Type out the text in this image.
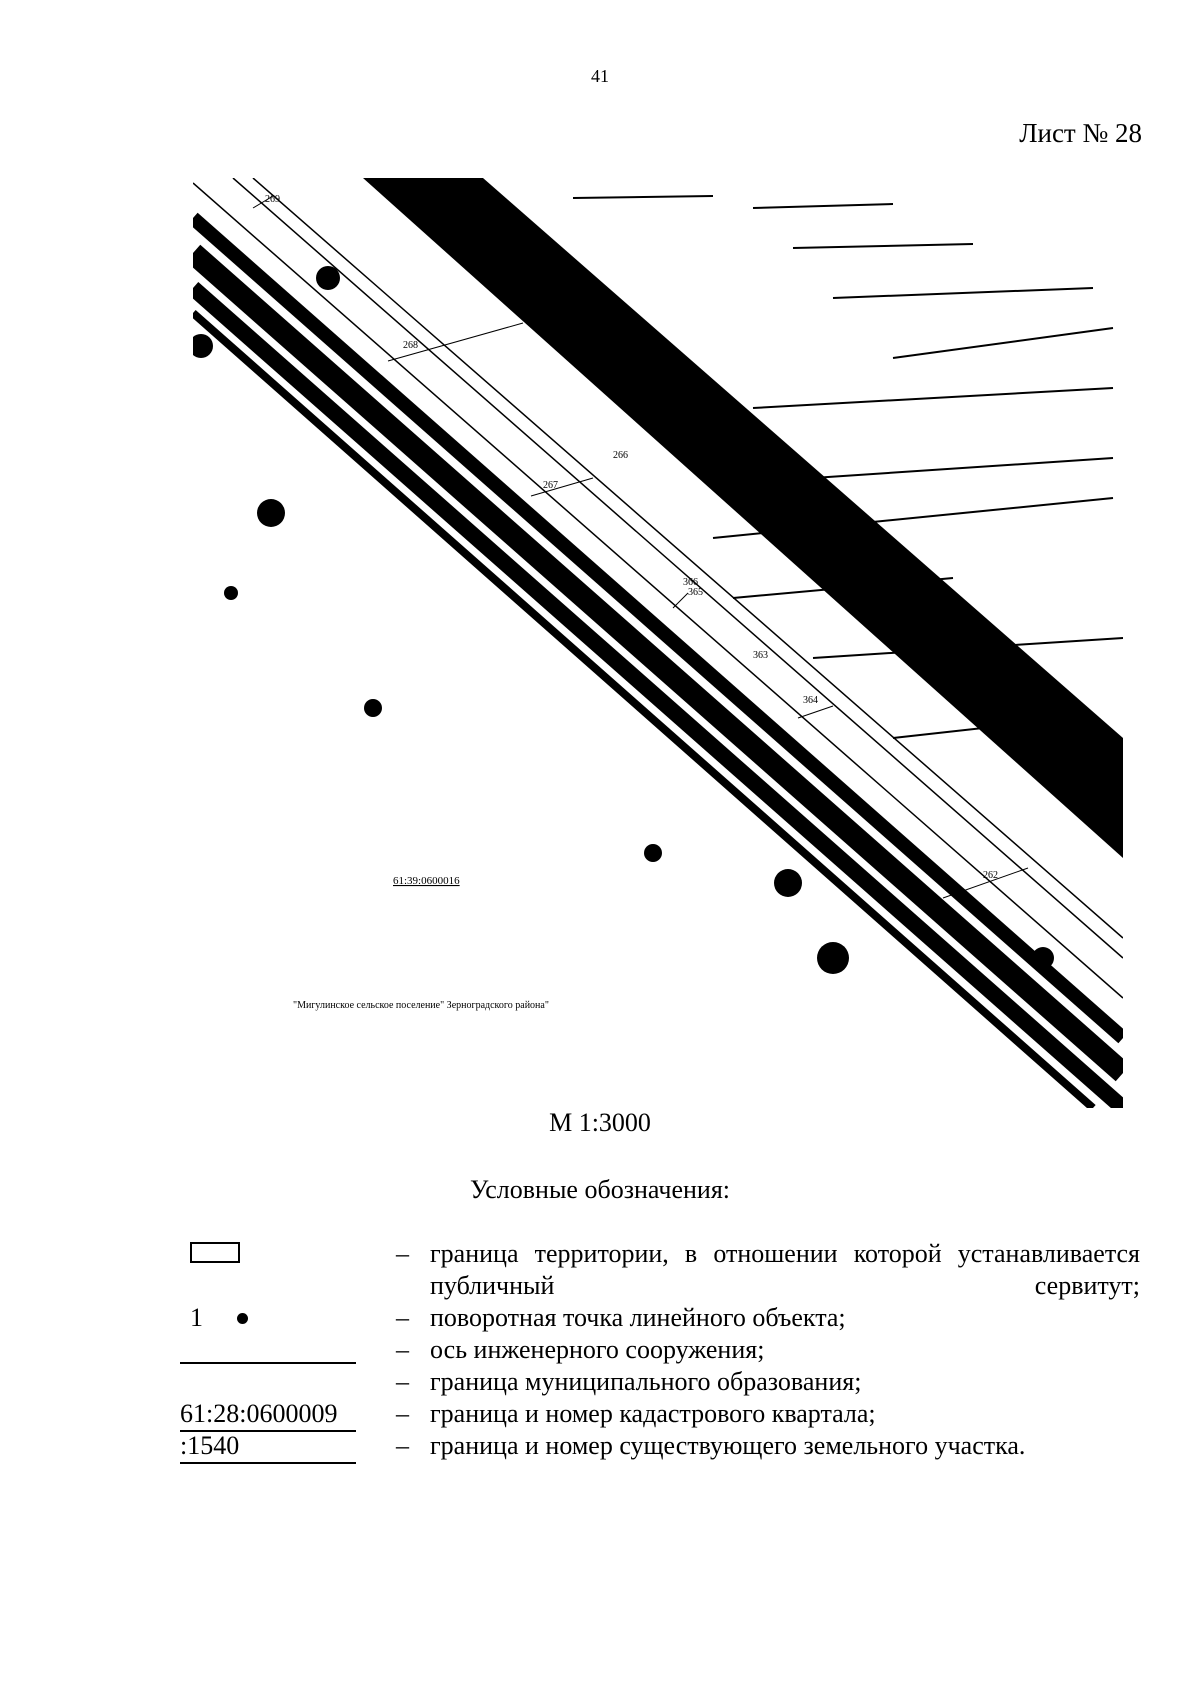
41
Лист № 28
269
268
267
266
366
365
364
363
262
61:39:0600016
"Мигулинское сельское поселение" Зерноградского района"
М 1:3000
Условные обозначения:
– граница территории, в отношении которой устанавливается публичный сервитут;
1	– поворотная точка линейного объекта;
– ось инженерного сооружения;
– граница муниципального образования;
61:28:0600009	– граница и номер кадастрового квартала;
:1540	– граница и номер существующего земельного участка.
